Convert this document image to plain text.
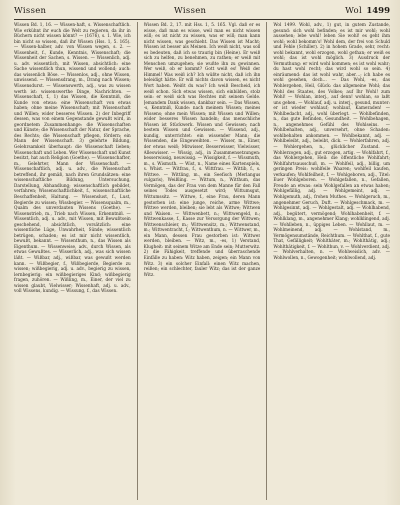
Wissen	Wissen	Wol 1499

Wissen Bd. 1, 16. — Wissen-haft, s. Wissenschaftlich. Wie erkühnt ihr euch die Welt zu regieren, da ihr in Büchern nicht wissen könnt? — (1676), s. 1. Wie, ich bin nicht so wissen, daß ihr Wissen (Hss. 1, 5. 165). — Wissen-halber, adv. von Wissen wegen, s. 2. — Wissenheit, f., Kunde, Kenntnis, Wissenschaft; die Wissenheit der Sachen, s. Wissen. — Wissenlich, adj. u. adv. wissentlich, mit Wissen, absichtlich: eine Sache wissentlich thun, wissend und wollend; auch: das wissenlich Böse. — Wissenlos, adj., ohne Wissen, unwissend. — Wissensdrang, m., Drang nach Wissen; Wissensdurst. — Wissenswerth, adj., was zu wissen werth ist: wissenswerthe Dinge, Nachrichten. — Wissenschaft, f., 1) das Wissen, die Kenntniß, die Kunde von etwas: eine Wissenschaft von etwas haben; ohne meine Wissenschaft; mit Wissenschaft und Willen; wider besseres Wissen. 2) der Inbegriff dessen, was von einem Gegenstande gewußt wird, in geordnetem Zusammenhange: die Wissenschaften und Künste; die Wissenschaft der Natur, der Sprache, des Rechts; die Wissenschaft pflegen, fördern; ein Mann der Wissenschaft. 3) gelehrte Bildung, Gelehrsamkeit überhaupt: die Wissenschaft lieben; Wissenschaft und Leben. Wer Wissenschaft und Kunst besitzt, hat auch Religion (Goethe). — Wissenschafter, m., Gelehrter, Mann der Wissenschaft. — Wissenschaftlich, adj. u. adv., die Wissenschaft betreffend, ihr gemäß, nach ihren Grundsätzen: eine wissenschaftliche Bildung, Untersuchung, Darstellung, Abhandlung; wissenschaftlich gebildet, verfahren; Wissenschaftlichkeit, f., wissenschaftliche Beschaffenheit, Haltung. — Wissenslust, f., Lust, Begierde zu wissen; Wissbegier. — Wissensqualm, m., Qualm des unverdauten Wissens (Goethe). — Wissenstrieb, m., Trieb nach Wissen, Erkenntniß. — Wissentlich, adj. u. adv., mit Wissen, mit Bewußtsein geschehend, absichtlich, vorsätzlich: eine wissentliche Lüge, Unwahrheit, Sünde; wissentlich betrügen, schaden; es ist mir nicht wissentlich, bewußt, bekannt. — Wissenthum, n., das Wissen als Eigenthum. — Wissenweise, adv., durch Wissen, als etwas Gewußtes. — Wisserlich, adj., was sich wissen läßt. — Wißbar, adj., wißbar, was gewußt werden kann. — Wißbegier, f., Wißbegierde, Begierde zu wissen; wißbegierig, adj. u. adv., begierig zu wissen, lernbegierig: ein wißbegieriges Kind; wißbegierig fragen, zuhören. — Wißling, m., Einer, der viel zu wissen glaubt, Vielwisser; Wissenhaft, adj. u. adv., voll Wissens, kundig. — Wissung, f., das Wissen.

Wissen Bd. 2, 17. mit Hss. 1, 5. 165. Vgl. daß er es wisse, daß man es wisse, weil man es nicht wissen will; es ist nicht zu wissen, was er will; man kann nicht wissen, was geschieht. Das Wissen ist Macht; Wissen ist besser als Meinen. Ich weiß nicht, was soll es bedeuten, daß ich so traurig bin (Heine). Er weiß sich zu helfen, zu benehmen, zu rathen; er weiß mit Menschen umzugehen; sie wußte ihn zu gewinnen. Wer weiß, ob er kommt? Gott weiß es! Weiß der Himmel! Was weiß ich? Ich wüßte nicht, daß ich ihn beleidigt hätte. Er will nichts davon wissen, es nicht Wort haben. Weißt du was? Ich weiß Bescheid, ich weiß schon. Sich etwas wissen, sich einbilden, stolz sein: er weiß sich was Rechtes mit seinem Gelde. Jemandem Dank wissen, dankbar sein. — Das Wissen, -s, Kenntniß, Kunde: nach meinem Wissen; meines Wissens; ohne mein Wissen; mit Wissen und Willen; wider besseres Wissen handeln; das menschliche Wissen ist Stückwerk. Wissen und Gewissen; nach bestem Wissen und Gewissen. — Wissend, adj., kundig, unterrichtet: ein wissender Mann; die Wissenden, die Eingeweihten. — Wisser, m., Einer, der etwas weiß; Mitwisser, Besserwisser, Vielwisser, Alleswisser. — Wissig, adj., in Zusammensetzungen: besserwissig, neuwissig. — Wissigkeit, f. — Wissmuth, m., s. Wismuth. — Wist, n., Name eines Kartenspiels, s. Whist. — Witfrau, f., s. Wittfrau. — Wittib, f., s. Wittwe. — Wittling, m., ein Seefisch (Merlangus vulgaris), Weißling. — Wittum, n., Witthum, das Vermögen, das der Frau von dem Manne für den Fall seines Todes ausgesetzt wird; Wittumsgut, Wittumssitz. — Wittwe, f., eine Frau, deren Mann gestorben ist: eine junge, reiche, arme Wittwe; Wittwe werden, bleiben; sie lebt als Wittwe; Wittwen und Waisen. — Wittwenbett, n.; Wittwengeld, n.; Wittwenkasse, f., Kasse zur Versorgung der Wittwen; Wittwenschleier, m.; Wittwensitz, m.; Wittwenstand, m.; Wittwentracht, f.; Wittwenthum, n. — Wittwer, m., ein Mann, dessen Frau gestorben ist: Wittwer werden, bleiben. — Witz, m., -es, 1) Verstand, Klugheit: mit seinem Witze am Ende sein; Mutterwitz. 2) die Fähigkeit, treffende und überraschende Einfälle zu haben: Witz haben, zeigen; ein Mann von Witz. 3) ein solcher Einfall: einen Witz machen, reißen; ein schlechter, fauler Witz; das ist der ganze Witz.

Wol 1499. Wohl, adv., 1) gut, in gutem Zustande, gesund: sich wohl befinden; es ist mir wohl; wohl aussehen; lebe wohl! leben Sie wohl! es geht ihm wohl; wohl bekomm's! Wohl dem, der frei von Schuld und Fehle (Schiller). 2) in hohem Grade, sehr, recht: wohl bekannt, wohl erzogen, wohl gethan; er weiß es wohl; das ist wohl möglich. 3) Ausdruck der Vermuthung: er wird wohl kommen; es ist wohl wahr; du hast wohl recht; das wird wohl so sein. 4) einräumend: das ist wohl wahr, aber…; ich habe es wohl gesehen, doch… — Das Wohl, -es, das Wohlergehen, Heil, Glück: das allgemeine Wohl; das Wohl des Staates, des Volkes; auf Ihr Wohl! zum Wohl! — Wohlan, interj., auf denn! wohlan, so laßt uns gehen. — Wohlauf, adj. u. interj., gesund, munter: er ist wieder wohlauf; wohlauf, Kameraden! — Wohlbedacht, adj., wohl überlegt. — Wohlbefinden, n., das gute Befinden, Gesundheit. — Wohlbehagen, n., angenehmes Gefühl des Wohlseins. — Wohlbehalten, adj., unversehrt, ohne Schaden: wohlbehalten ankommen. — Wohlbekannt, adj. — Wohlbeleibt, adj., beleibt, dick. — Wohlerfahren, adj. — Wohlergehen, n., glücklicher Zustand. — Wohlerzogen, adj., gut erzogen, artig. — Wohlfahrt, f., das Wohlergehen, Heil: die öffentliche Wohlfahrt; Wohlfahrtsausschuß, m. — Wohlfeil, adj., billig, um geringen Preis: wohlfeile Waaren; wohlfeil kaufen, verkaufen; Wohlfeilheit, f. — Wohlgeboren, adj., Titel: Euer Wohlgeboren. — Wohlgefallen, n., Gefallen, Freude an etwas: sein Wohlgefallen an etwas haben; Wohlgefällig, adj. — Wohlgemeint, adj. — Wohlgemuth, adj., frohen Muthes. — Wohlgeruch, m., angenehmer Geruch, Duft. — Wohlgeschmack, m. — Wohlgesinnt, adj. — Wohlgestalt, adj. — Wohlhabend, adj., begütert, vermögend; Wohlhabenheit, f. — Wohlklang, m., angenehmer Klang; wohlklingend, adj. — Wohlleben, n., üppiges Leben. — Wohllaut, m. — Wohlmeinend, adj. — Wohlstand, m., Vermögensumstände, Reichthum. — Wohlthat, f., gute That, Gefälligkeit; Wohlthäter, m.; Wohlthätig, adj.; Wohlthätigkeit, f. — Wohlthun, v. — Wohlverdient, adj. — Wohlverhalten, n. — Wohlweislich, adv. — Wohlwollen, n., Gewogenheit; wohlwollend, adj.
